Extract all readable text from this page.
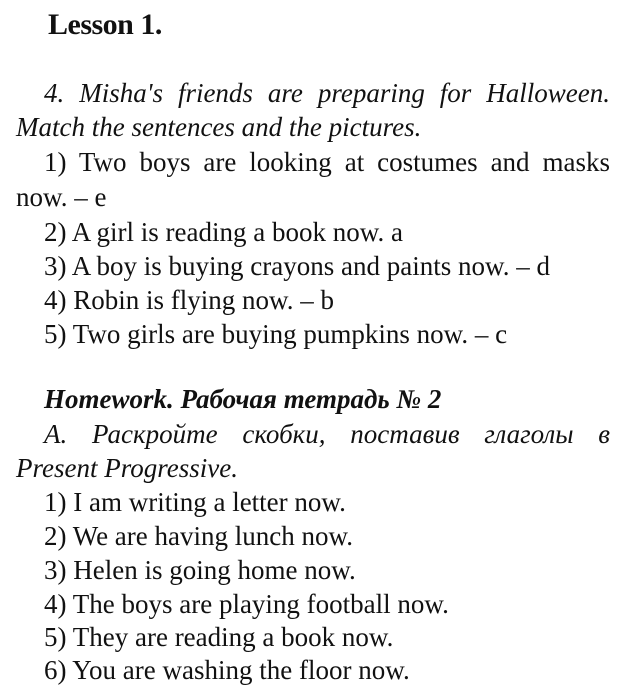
Lesson 1.
4. Misha's friends are preparing for Halloween.
Match the sentences and the pictures.
1) Two boys are looking at costumes and masks
now. – e
2) A girl is reading a book now. a
3) A boy is buying crayons and paints now. – d
4) Robin is flying now. – b
5) Two girls are buying pumpkins now. – c
Homework. Рабочая тетрадь № 2
A. Раскройте скобки, поставив глаголы в
Present Progressive.
1) I am writing a letter now.
2) We are having lunch now.
3) Helen is going home now.
4) The boys are playing football now.
5) They are reading a book now.
6) You are washing the floor now.
